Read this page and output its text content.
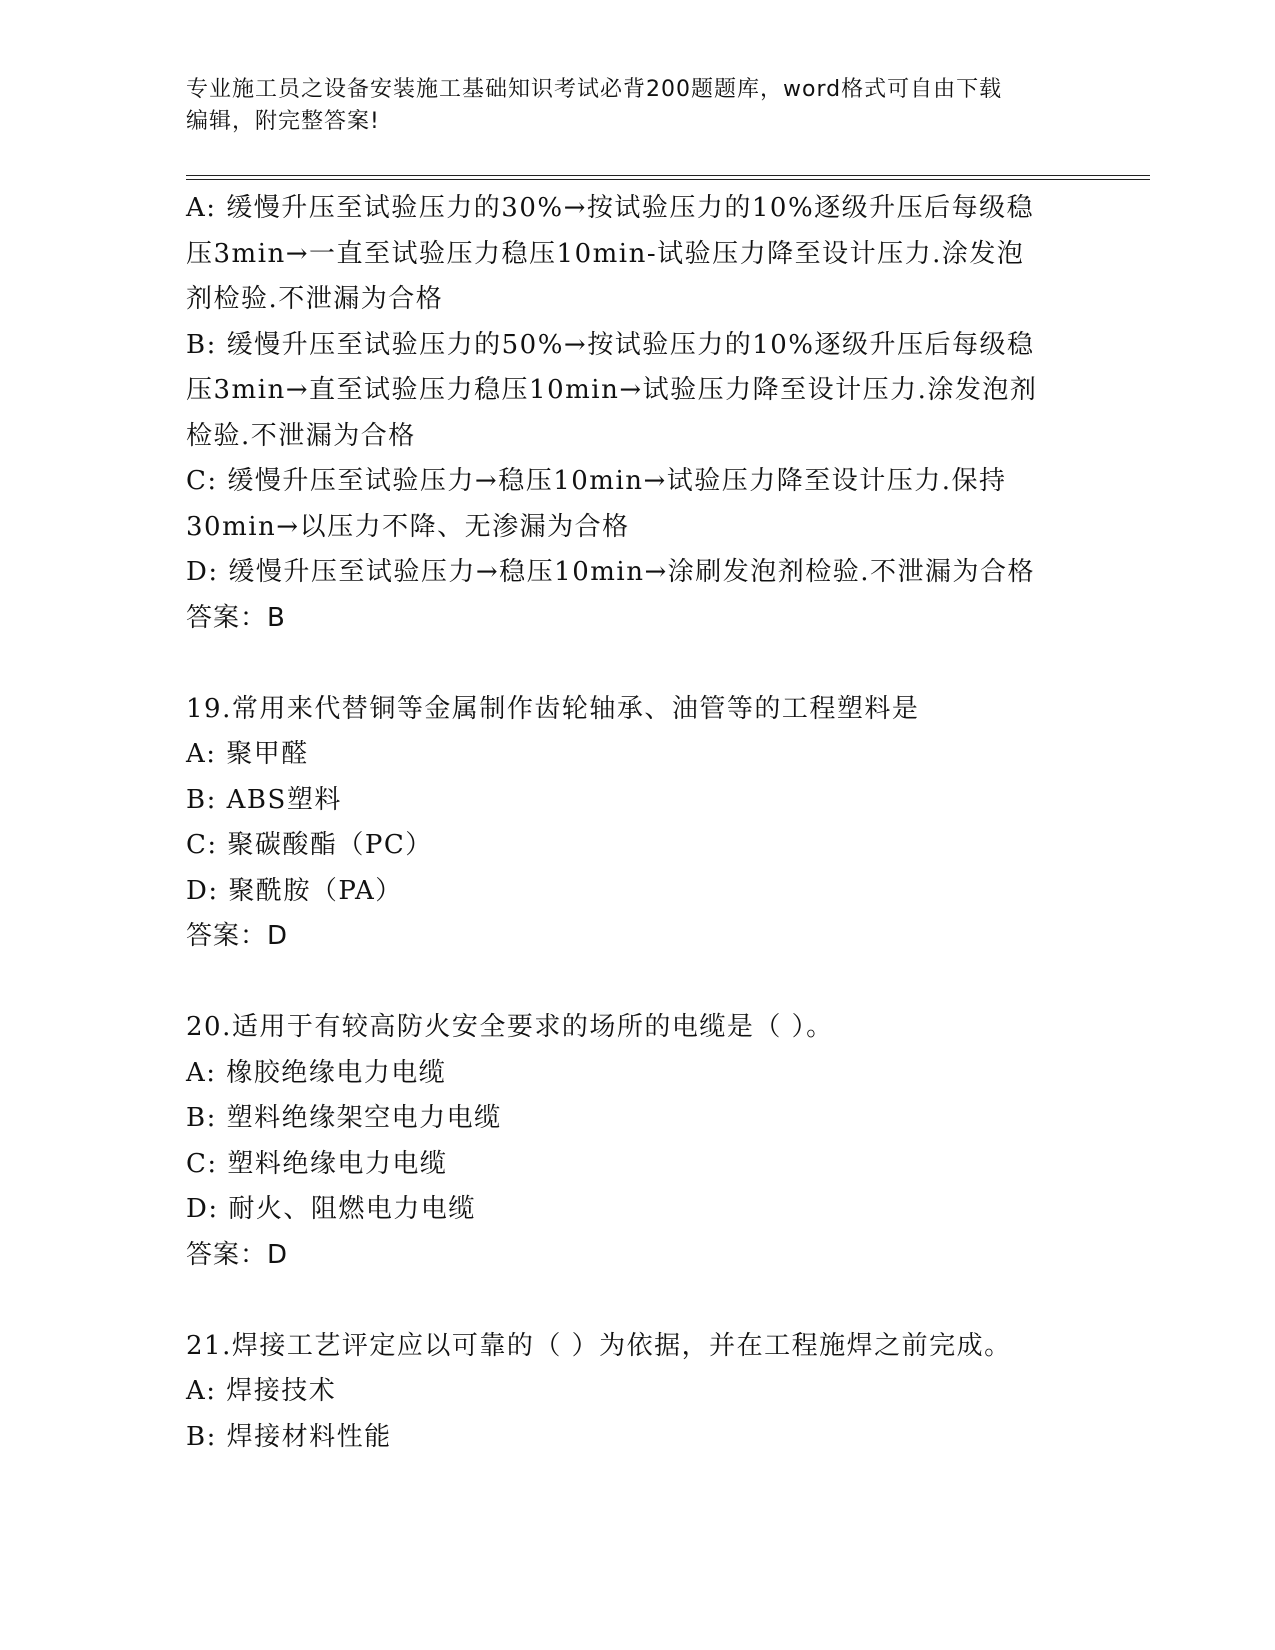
专业施工员之设备安装施工基础知识考试必背200题题库，word格式可自由下载
编辑，附完整答案!
A: 缓慢升压至试验压力的30%→按试验压力的10%逐级升压后每级稳
压3min→一直至试验压力稳压10min-试验压力降至设计压力.涂发泡
剂检验.不泄漏为合格
B: 缓慢升压至试验压力的50%→按试验压力的10%逐级升压后每级稳
压3min→直至试验压力稳压10min→试验压力降至设计压力.涂发泡剂
检验.不泄漏为合格
C: 缓慢升压至试验压力→稳压10min→试验压力降至设计压力.保持
30min→以压力不降、无渗漏为合格
D: 缓慢升压至试验压力→稳压10min→涂刷发泡剂检验.不泄漏为合格
答案：B
19.常用来代替铜等金属制作齿轮轴承、油管等的工程塑料是
A: 聚甲醛
B: ABS塑料
C: 聚碳酸酯（PC）
D: 聚酰胺（PA）
答案：D
20.适用于有较高防火安全要求的场所的电缆是（ ）。
A: 橡胶绝缘电力电缆
B: 塑料绝缘架空电力电缆
C: 塑料绝缘电力电缆
D: 耐火、阻燃电力电缆
答案：D
21.焊接工艺评定应以可靠的（ ）为依据，并在工程施焊之前完成。
A: 焊接技术
B: 焊接材料性能
